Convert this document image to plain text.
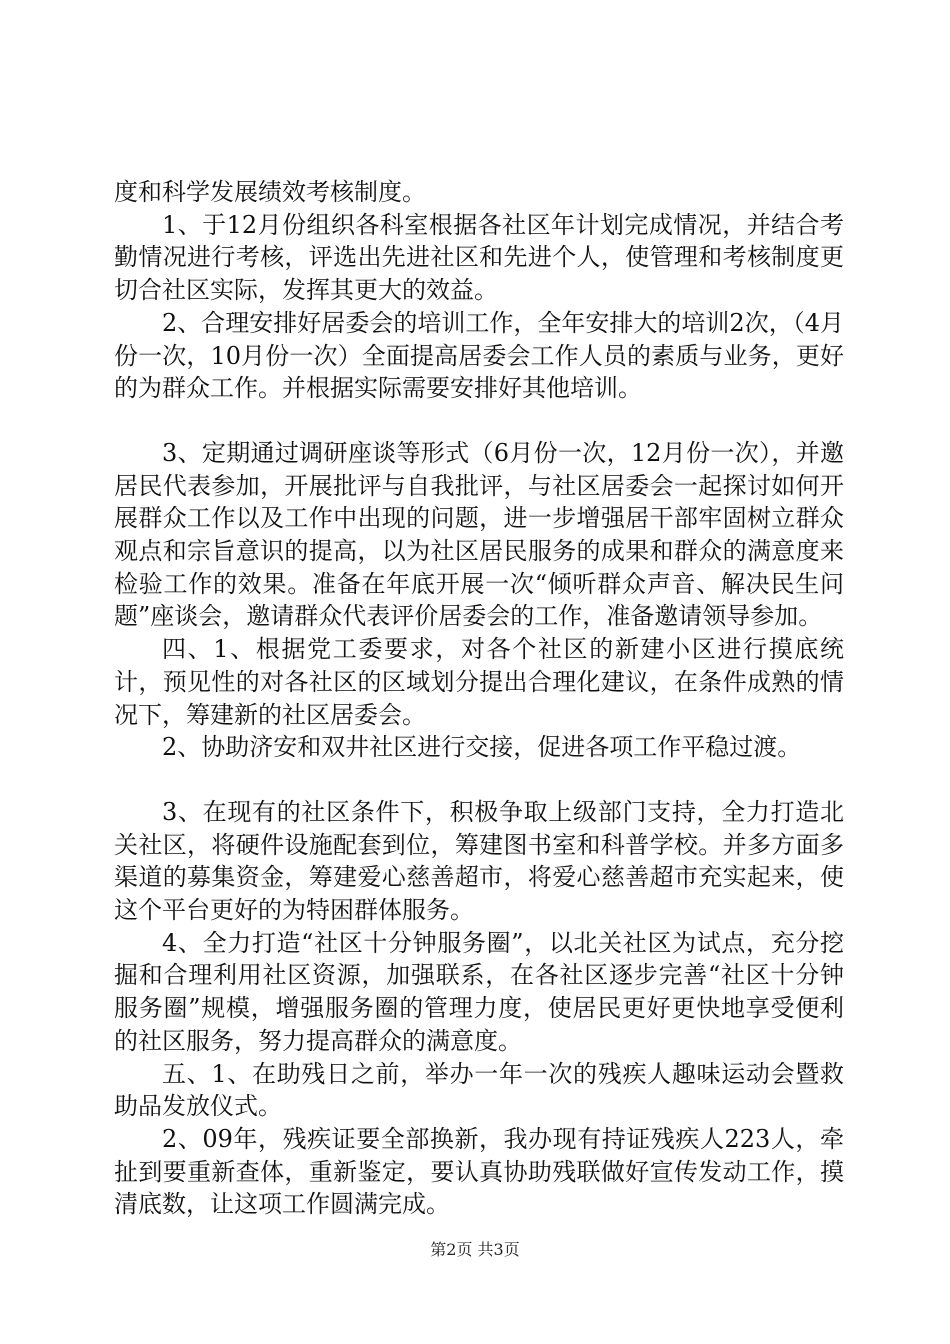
度和科学发展绩效考核制度。

1、于12月份组织各科室根据各社区年计划完成情况，并结合考勤情况进行考核，评选出先进社区和先进个人，使管理和考核制度更切合社区实际，发挥其更大的效益。

2、合理安排好居委会的培训工作，全年安排大的培训2次，（4月份一次，10月份一次）全面提高居委会工作人员的素质与业务，更好的为群众工作。并根据实际需要安排好其他培训。

3、定期通过调研座谈等形式（6月份一次，12月份一次），并邀居民代表参加，开展批评与自我批评，与社区居委会一起探讨如何开展群众工作以及工作中出现的问题，进一步增强居干部牢固树立群众观点和宗旨意识的提高，以为社区居民服务的成果和群众的满意度来检验工作的效果。准备在年底开展一次“倾听群众声音、解决民生问题”座谈会，邀请群众代表评价居委会的工作，准备邀请领导参加。

四、1、根据党工委要求，对各个社区的新建小区进行摸底统计，预见性的对各社区的区域划分提出合理化建议，在条件成熟的情况下，筹建新的社区居委会。

2、协助济安和双井社区进行交接，促进各项工作平稳过渡。

3、在现有的社区条件下，积极争取上级部门支持，全力打造北关社区，将硬件设施配套到位，筹建图书室和科普学校。并多方面多渠道的募集资金，筹建爱心慈善超市，将爱心慈善超市充实起来，使这个平台更好的为特困群体服务。

4、全力打造“社区十分钟服务圈”，以北关社区为试点，充分挖掘和合理利用社区资源，加强联系，在各社区逐步完善“社区十分钟服务圈”规模，增强服务圈的管理力度，使居民更好更快地享受便利的社区服务，努力提高群众的满意度。

五、1、在助残日之前，举办一年一次的残疾人趣味运动会暨救助品发放仪式。

2、09年，残疾证要全部换新，我办现有持证残疾人223人，牵扯到要重新查体，重新鉴定，要认真协助残联做好宣传发动工作，摸清底数，让这项工作圆满完成。

第2页 共3页
